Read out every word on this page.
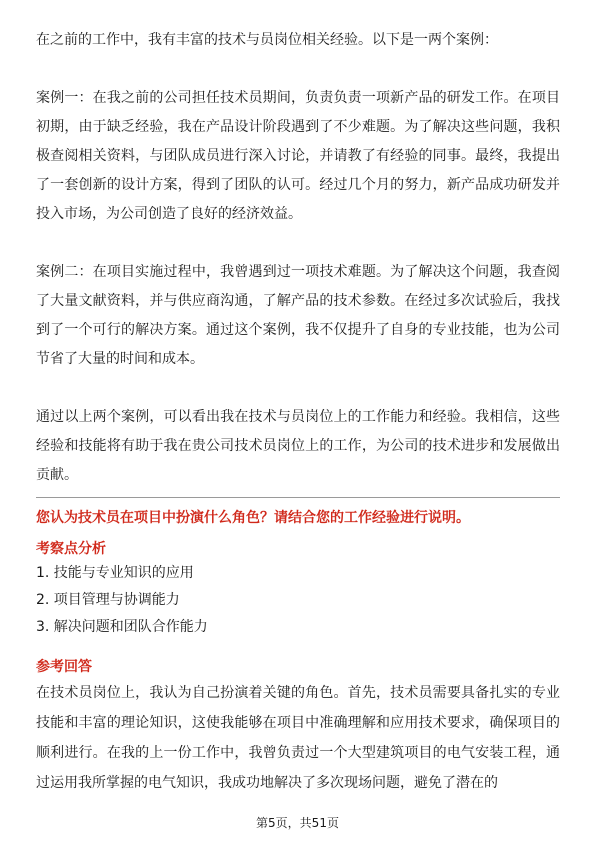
在之前的工作中，我有丰富的技术与员岗位相关经验。以下是一两个案例：

案例一：在我之前的公司担任技术员期间，负责负责一项新产品的研发工作。在项目初期，由于缺乏经验，我在产品设计阶段遇到了不少难题。为了解决这些问题，我积极查阅相关资料，与团队成员进行深入讨论，并请教了有经验的同事。最终，我提出了一套创新的设计方案，得到了团队的认可。经过几个月的努力，新产品成功研发并投入市场，为公司创造了良好的经济效益。

案例二：在项目实施过程中，我曾遇到过一项技术难题。为了解决这个问题，我查阅了大量文献资料，并与供应商沟通，了解产品的技术参数。在经过多次试验后，我找到了一个可行的解决方案。通过这个案例，我不仅提升了自身的专业技能，也为公司节省了大量的时间和成本。

通过以上两个案例，可以看出我在技术与员岗位上的工作能力和经验。我相信，这些经验和技能将有助于我在贵公司技术员岗位上的工作，为公司的技术进步和发展做出贡献。

您认为技术员在项目中扮演什么角色？请结合您的工作经验进行说明。
考察点分析
1. 技能与专业知识的应用
2. 项目管理与协调能力
3. 解决问题和团队合作能力
参考回答

在技术员岗位上，我认为自己扮演着关键的角色。首先，技术员需要具备扎实的专业技能和丰富的理论知识，这使我能够在项目中准确理解和应用技术要求，确保项目的顺利进行。在我的上一份工作中，我曾负责过一个大型建筑项目的电气安装工程，通过运用我所掌握的电气知识，我成功地解决了多次现场问题，避免了潜在的

第5页，共51页
